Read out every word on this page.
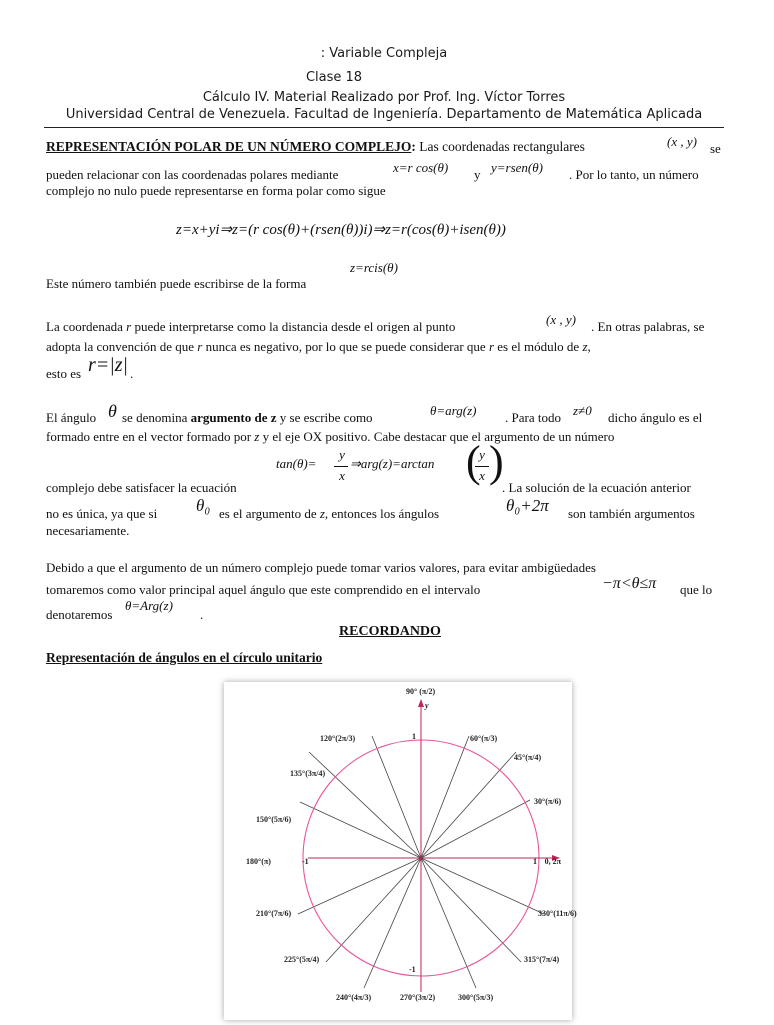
: Variable Compleja
Clase 18
Cálculo IV. Material Realizado por Prof. Ing. Víctor Torres
Universidad Central de Venezuela. Facultad de Ingeniería. Departamento de Matemática Aplicada
REPRESENTACIÓN POLAR DE UN NÚMERO COMPLEJO: Las coordenadas rectangulares	(x , y) se
pueden relacionar con las coordenadas polares mediante	x=r cos(θ) y y=rsen(θ) . Por lo tanto, un número
complejo no nulo puede representarse en forma polar como sigue
z=x+yi⇒z=(r cos(θ)+(rsen(θ))i)⇒z=r(cos(θ)+isen(θ))
Este número también puede escribirse de la forma
z=rcis(θ)
La coordenada r puede interpretarse como la distancia desde el origen al punto	(x , y) . En otras palabras, se
adopta la convención de que r nunca es negativo, por lo que se puede considerar que r es el módulo de z,
esto es r=|z| .
El ángulo θ se denomina argumento de z y se escribe como	θ=arg(z) . Para todo z≠0 dicho ángulo es el
formado entre en el vector formado por z y el eje OX positivo. Cabe destacar que el argumento de un número
tan(θ)=
y
x
⇒arg(z)=arctan (
y
x )
complejo debe satisfacer la ecuación	. La solución de la ecuación anterior
no es única, ya que si θ₀ es el argumento de z, entonces los ángulos	θ₀+2π son también argumentos
necesariamente.
Debido a que el argumento de un número complejo puede tomar varios valores, para evitar ambigüedades
tomaremos como valor principal aquel ángulo que este comprendido en el intervalo	−π<θ≤π que lo
denotaremos
θ=Arg(z)
.
RECORDANDO
Representación de ángulos en el círculo unitario
y
1
-1
-1	1
90° (π/2)
60°(π/3)
45°(π/4)
30°(π/6)
0, 2π
120°(2π/3)
135°(3π/4)
150°(5π/6)
180°(π)
210°(7π/6)
225°(5π/4)
240°(4π/3)	270°(3π/2)	300°(5π/3)
315°(7π/4)
330°(11π/6)
